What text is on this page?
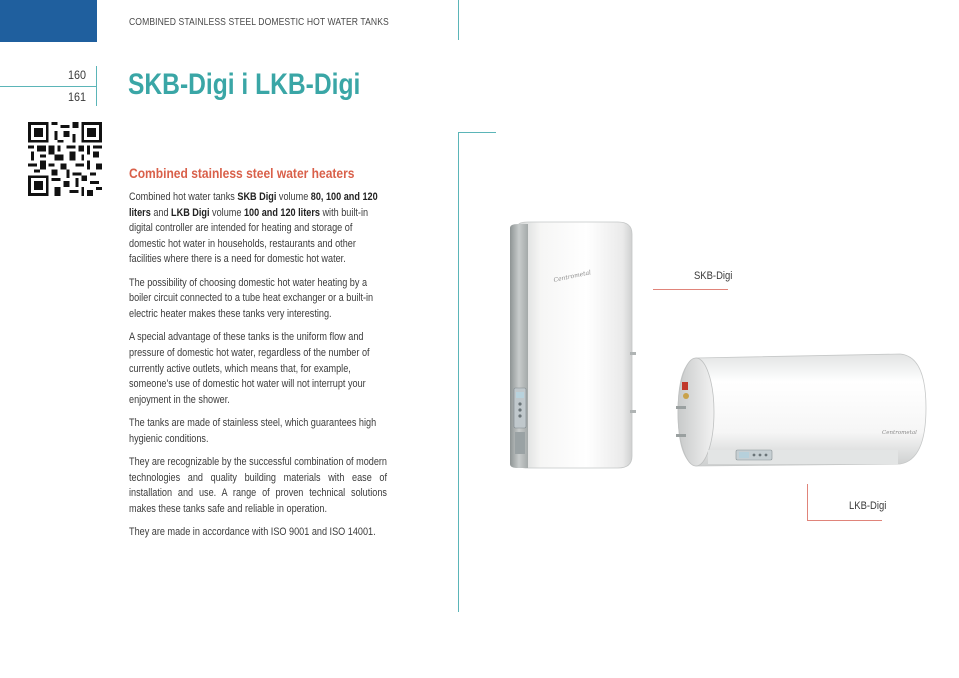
COMBINED STAINLESS STEEL DOMESTIC HOT WATER TANKS
160
161 SKB-Digi i LKB-Digi
Combined stainless steel water heaters

Combined hot water tanks SKB Digi volume 80, 100 and 120 liters and LKB Digi volume 100 and 120 liters with built-in digital controller are intended for heating and storage of domestic hot water in households, restaurants and other facilities where there is a need for domestic hot water.

The possibility of choosing domestic hot water heating by a boiler circuit connected to a tube heat exchanger or a built-in electric heater makes these tanks very interesting.

A special advantage of these tanks is the uniform flow and pressure of domestic hot water, regardless of the number of currently active outlets, which means that, for example, someone's use of domestic hot water will not interrupt your enjoyment in the shower.

The tanks are made of stainless steel, which guarantees high hygienic conditions.

They are recognizable by the successful combination of modern technologies and quality building materials with ease of installation and use. A range of proven technical solutions makes these tanks safe and reliable in operation.

They are made in accordance with ISO 9001 and ISO 14001.

Centrometal
Centrometal
SKB-Digi
LKB-Digi
